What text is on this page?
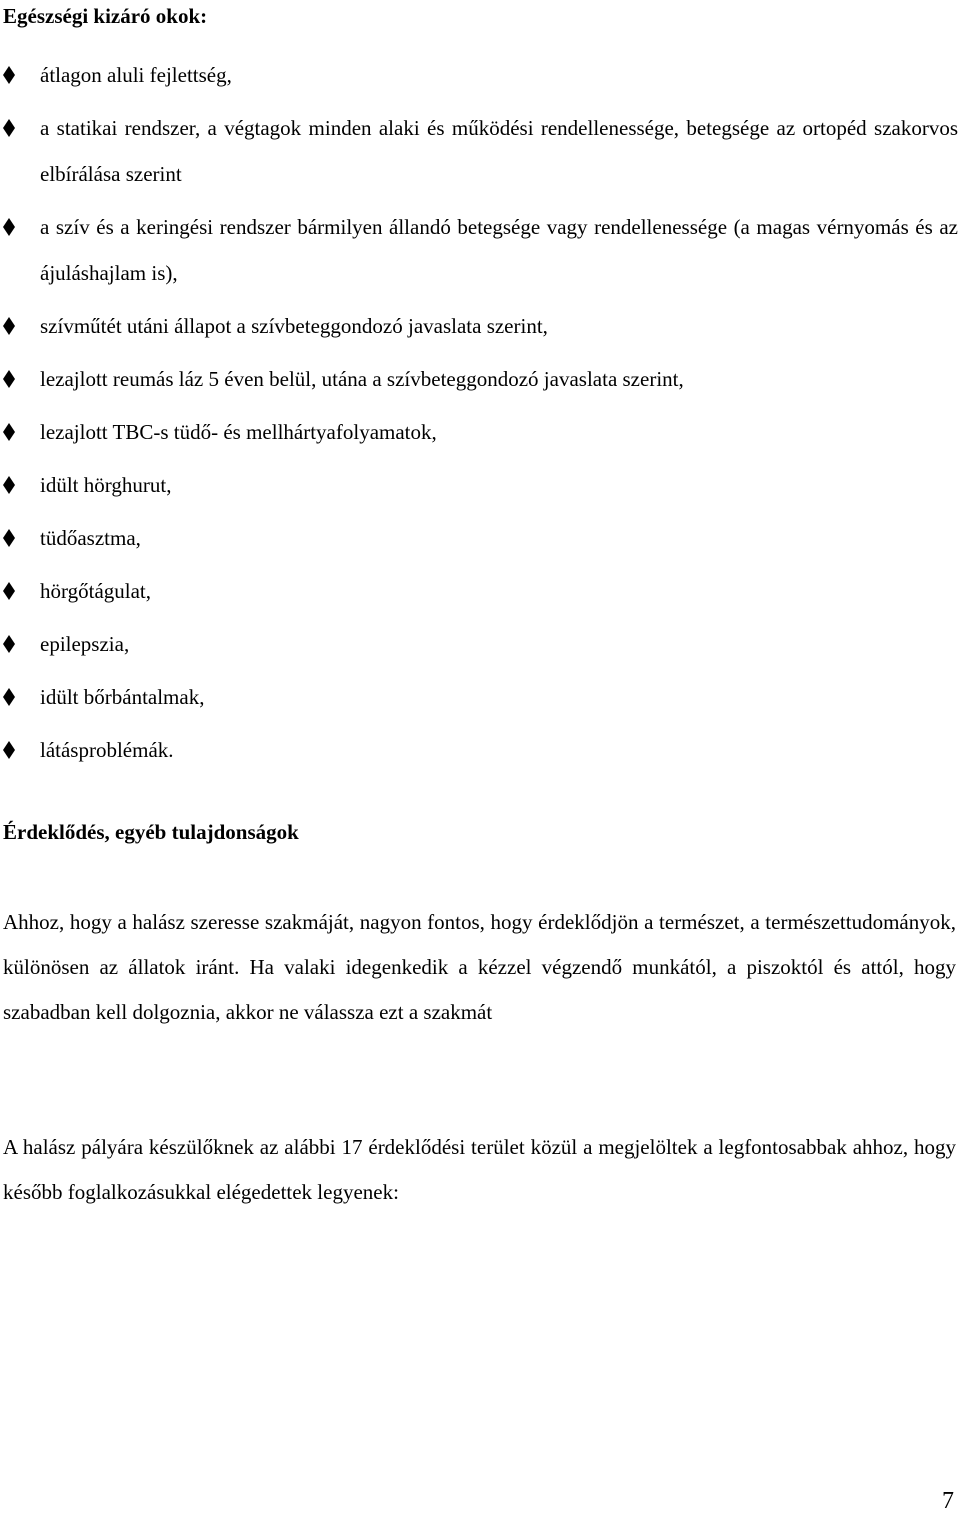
Egészségi kizáró okok:
átlagon aluli fejlettség,
a statikai rendszer, a végtagok minden alaki és működési rendellenessége, betegsége az ortopéd szakorvos elbírálása szerint
a szív és a keringési rendszer bármilyen állandó betegsége vagy rendellenessége (a magas vérnyomás és az ájuláshajlam is),
szívműtét utáni állapot a szívbeteggondozó javaslata szerint,
lezajlott reumás láz 5 éven belül, utána a szívbeteggondozó javaslata szerint,
lezajlott TBC-s tüdő- és mellhártyafolyamatok,
idült hörghurut,
tüdőasztma,
hörgőtágulat,
epilepszia,
idült bőrbántalmak,
látásproblémák.
Érdeklődés, egyéb tulajdonságok

Ahhoz, hogy a halász szeresse szakmáját, nagyon fontos, hogy érdeklődjön a természet, a természettudományok, különösen az állatok iránt. Ha valaki idegenkedik a kézzel végzendő munkától, a piszoktól és attól, hogy szabadban kell dolgoznia, akkor ne válassza ezt a szakmát

A halász pályára készülőknek az alábbi 17 érdeklődési terület közül a megjelöltek a legfontosabbak ahhoz, hogy később foglalkozásukkal elégedettek legyenek:

7
